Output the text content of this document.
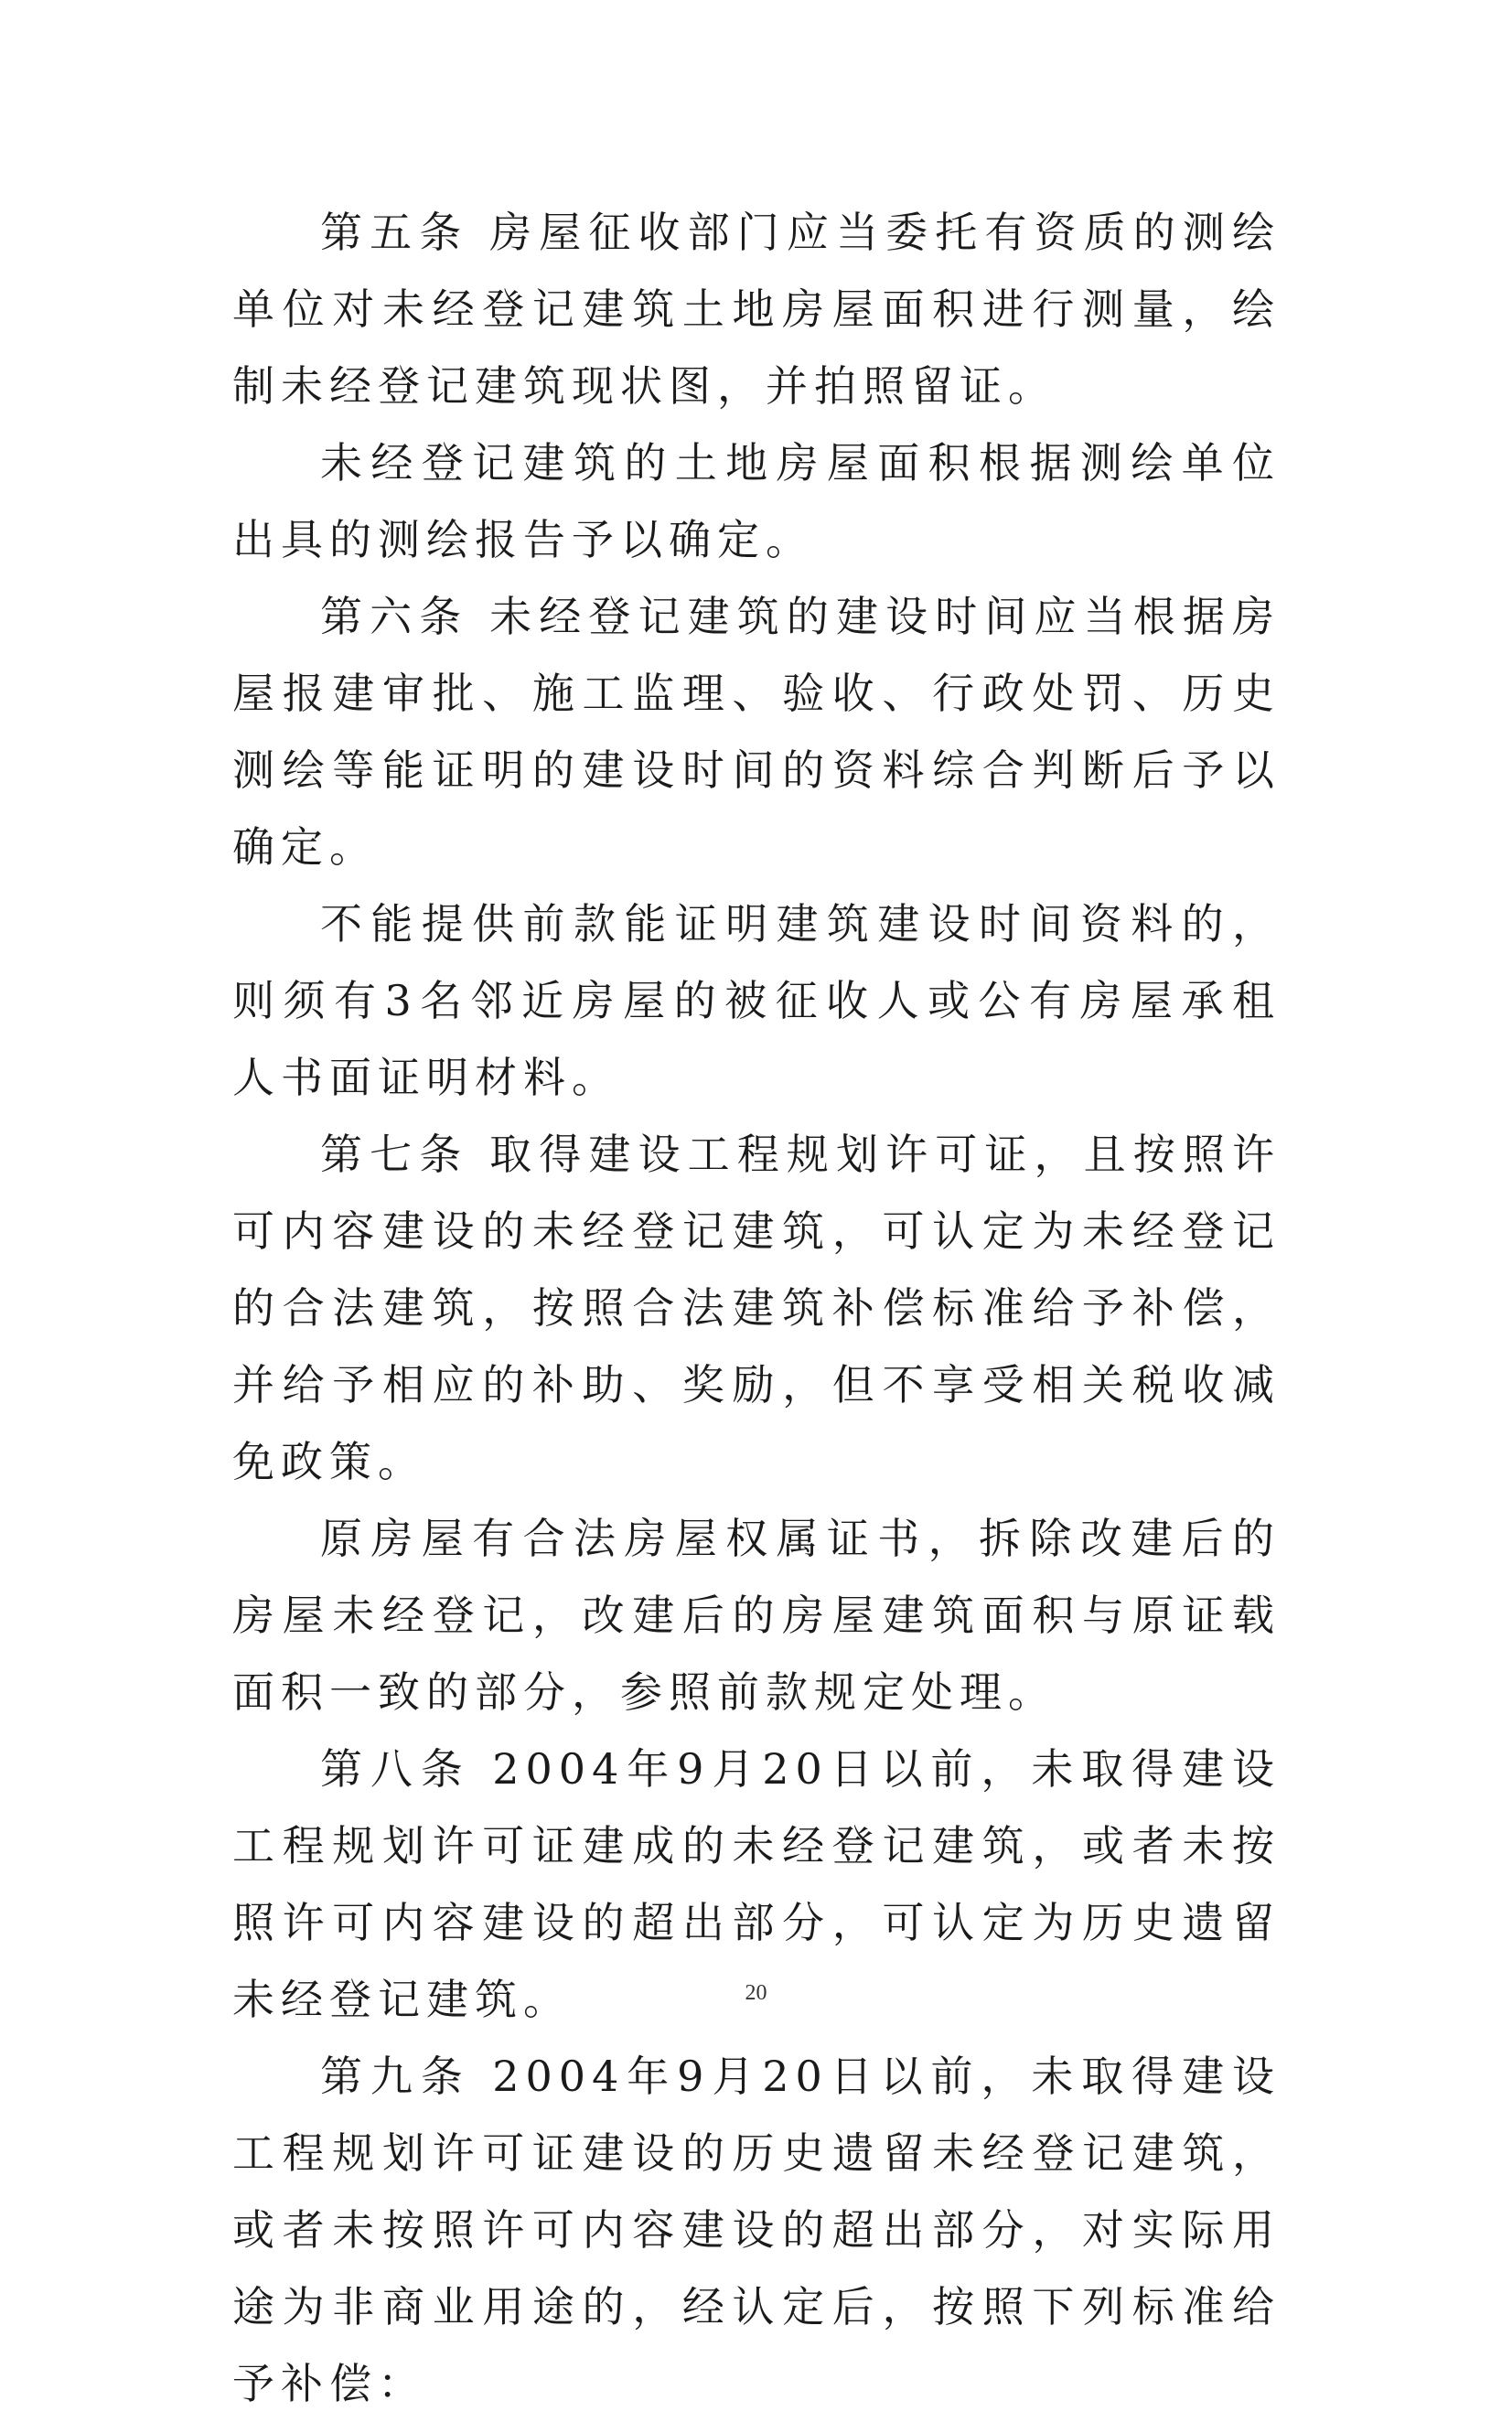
第五条 房屋征收部门应当委托有资质的测绘单位对未经登记建筑土地房屋面积进行测量，绘制未经登记建筑现状图，并拍照留证。

未经登记建筑的土地房屋面积根据测绘单位出具的测绘报告予以确定。

第六条 未经登记建筑的建设时间应当根据房屋报建审批、施工监理、验收、行政处罚、历史测绘等能证明的建设时间的资料综合判断后予以确定。

不能提供前款能证明建筑建设时间资料的，则须有3名邻近房屋的被征收人或公有房屋承租人书面证明材料。

第七条 取得建设工程规划许可证，且按照许可内容建设的未经登记建筑，可认定为未经登记的合法建筑，按照合法建筑补偿标准给予补偿，并给予相应的补助、奖励，但不享受相关税收减免政策。

原房屋有合法房屋权属证书，拆除改建后的房屋未经登记，改建后的房屋建筑面积与原证载面积一致的部分，参照前款规定处理。

第八条 2004年9月20日以前，未取得建设工程规划许可证建成的未经登记建筑，或者未按照许可内容建设的超出部分，可认定为历史遗留未经登记建筑。

第九条 2004年9月20日以前，未取得建设工程规划许可证建设的历史遗留未经登记建筑，或者未按照许可内容建设的超出部分，对实际用途为非商业用途的，经认定后，按照下列标准给予补偿：

20
